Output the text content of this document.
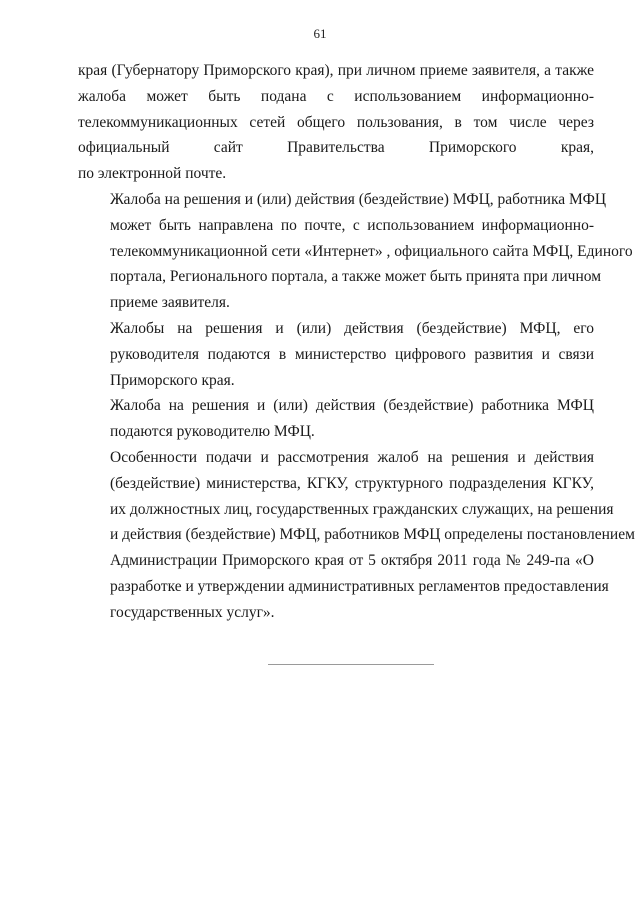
61

края (Губернатору Приморского края), при личном приеме заявителя, а также
жалоба может быть подана с использованием информационно-
телекоммуникационных сетей общего пользования, в том числе через
официальный сайт Правительства Приморского края,
по электронной почте.

Жалоба на решения и (или) действия (бездействие) МФЦ, работника МФЦ
может быть направлена по почте, с использованием информационно-
телекоммуникационной сети «Интернет» , официального сайта МФЦ, Единого
портала, Регионального портала, а также может быть принята при личном
приеме заявителя.

Жалобы на решения и (или) действия (бездействие) МФЦ, его
руководителя подаются в министерство цифрового развития и связи
Приморского края.

Жалоба на решения и (или) действия (бездействие) работника МФЦ
подаются руководителю МФЦ.

Особенности подачи и рассмотрения жалоб на решения и действия
(бездействие) министерства, КГКУ, структурного подразделения КГКУ,
их должностных лиц, государственных гражданских служащих, на решения
и действия (бездействие) МФЦ, работников МФЦ определены постановлением
Администрации Приморского края от 5 октября 2011 года № 249-па «О
разработке и утверждении административных регламентов предоставления
государственных услуг».
